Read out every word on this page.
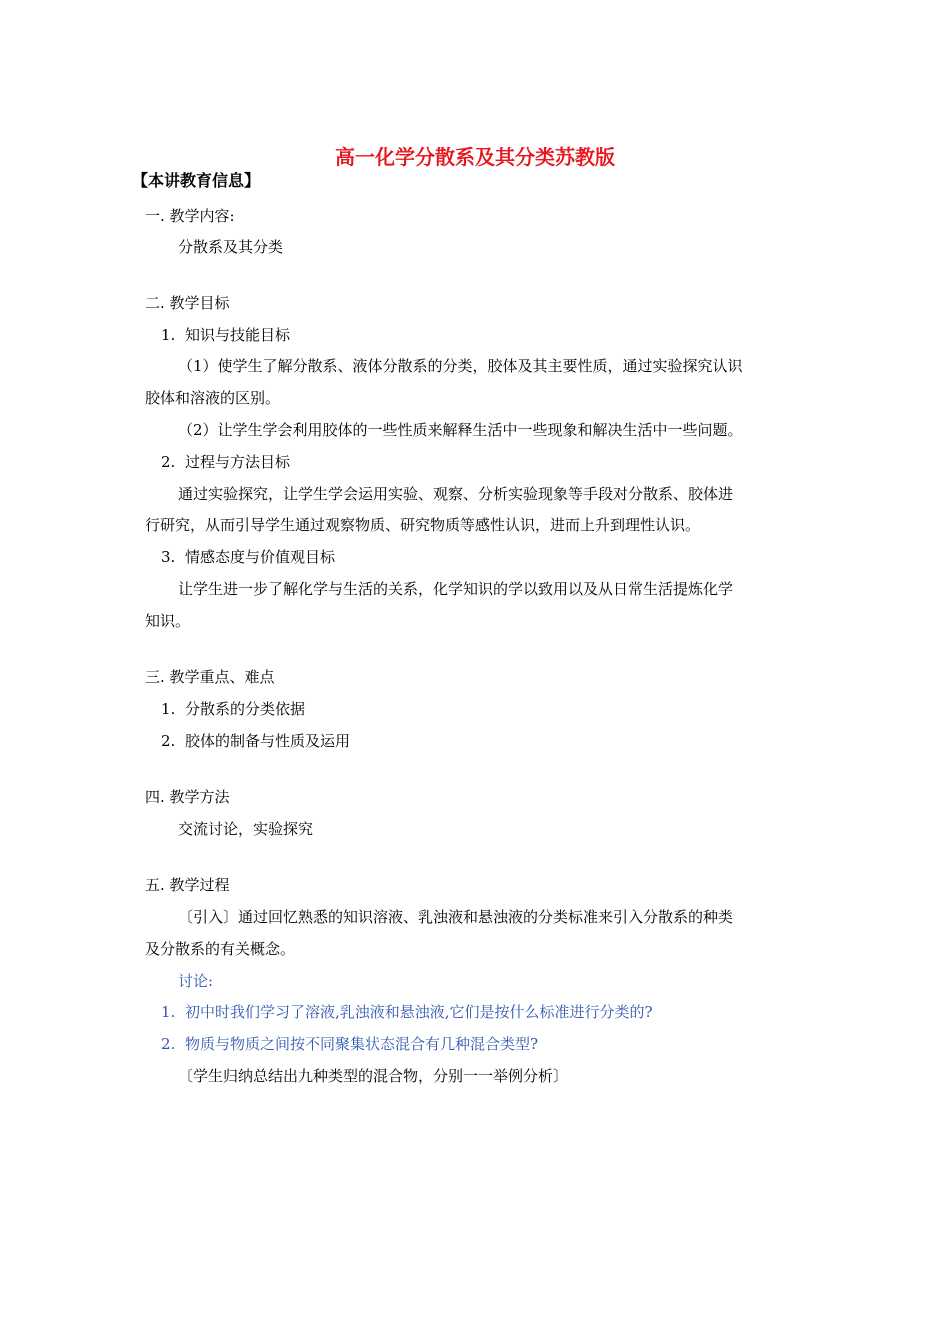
高一化学分散系及其分类苏教版
【本讲教育信息】
一. 教学内容:
分散系及其分类
二. 教学目标
1. 知识与技能目标
（1）使学生了解分散系、液体分散系的分类，胶体及其主要性质，通过实验探究认识
胶体和溶液的区别。
（2）让学生学会利用胶体的一些性质来解释生活中一些现象和解决生活中一些问题。
2. 过程与方法目标
通过实验探究，让学生学会运用实验、观察、分析实验现象等手段对分散系、胶体进
行研究，从而引导学生通过观察物质、研究物质等感性认识，进而上升到理性认识。
3. 情感态度与价值观目标
让学生进一步了解化学与生活的关系，化学知识的学以致用以及从日常生活提炼化学
知识。
三. 教学重点、难点
1. 分散系的分类依据
2. 胶体的制备与性质及运用
四. 教学方法
交流讨论，实验探究
五. 教学过程
〔引入〕通过回忆熟悉的知识溶液、乳浊液和悬浊液的分类标准来引入分散系的种类
及分散系的有关概念。
讨论:
1. 初中时我们学习了溶液,乳浊液和悬浊液,它们是按什么标准进行分类的?
2. 物质与物质之间按不同聚集状态混合有几种混合类型?
〔学生归纳总结出九种类型的混合物，分别一一举例分析〕
